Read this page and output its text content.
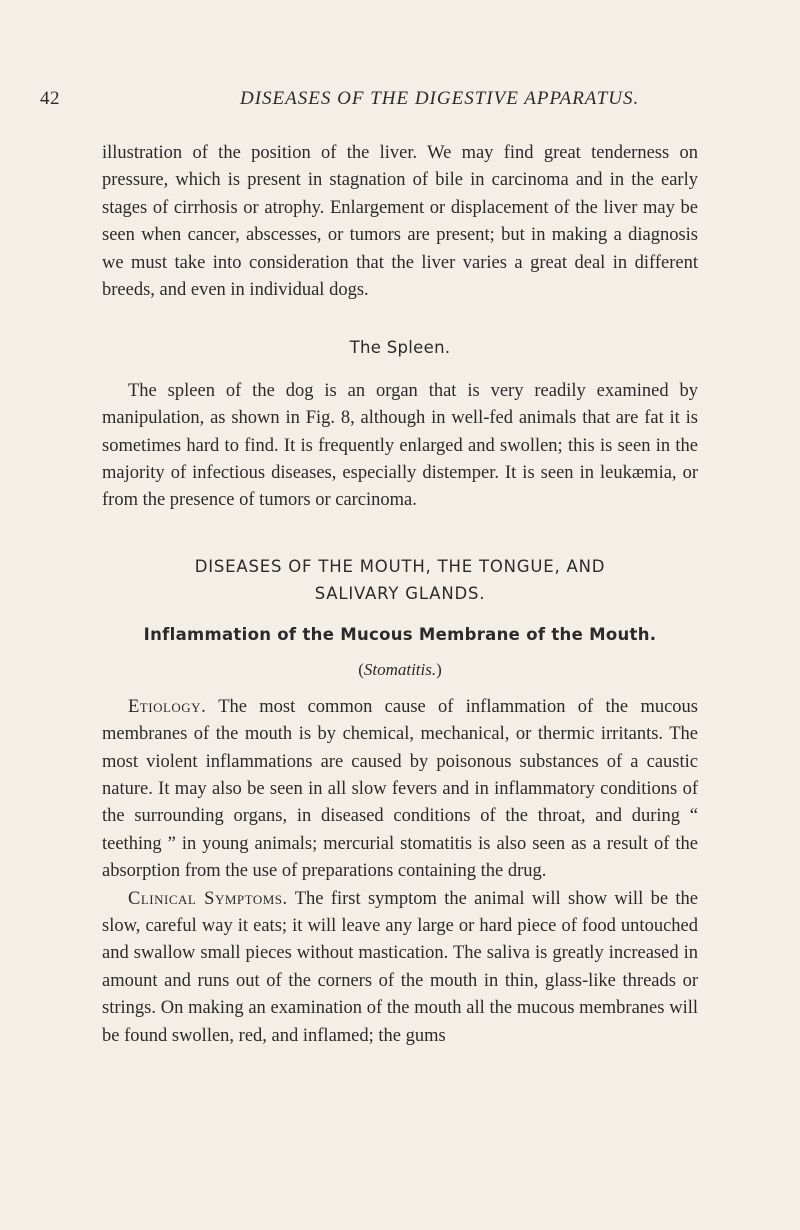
42	DISEASES OF THE DIGESTIVE APPARATUS.

illustration of the position of the liver. We may find great tenderness on pressure, which is present in stagnation of bile in carcinoma and in the early stages of cirrhosis or atrophy. Enlargement or displacement of the liver may be seen when cancer, abscesses, or tumors are present; but in making a diagnosis we must take into consideration that the liver varies a great deal in different breeds, and even in individual dogs.

The Spleen.

The spleen of the dog is an organ that is very readily examined by manipulation, as shown in Fig. 8, although in well-fed animals that are fat it is sometimes hard to find. It is frequently enlarged and swollen; this is seen in the majority of infectious diseases, especially distemper. It is seen in leukæmia, or from the presence of tumors or carcinoma.

DISEASES OF THE MOUTH, THE TONGUE, AND
SALIVARY GLANDS.

Inflammation of the Mucous Membrane of the Mouth.

(Stomatitis.)

Etiology. The most common cause of inflammation of the mucous membranes of the mouth is by chemical, mechanical, or thermic irritants. The most violent inflammations are caused by poisonous substances of a caustic nature. It may also be seen in all slow fevers and in inflammatory conditions of the surrounding organs, in diseased conditions of the throat, and during “ teething ” in young animals; mercurial stomatitis is also seen as a result of the absorption from the use of preparations containing the drug.

Clinical Symptoms. The first symptom the animal will show will be the slow, careful way it eats; it will leave any large or hard piece of food untouched and swallow small pieces without mastication. The saliva is greatly increased in amount and runs out of the corners of the mouth in thin, glass-like threads or strings. On making an examination of the mouth all the mucous membranes will be found swollen, red, and inflamed; the gums
